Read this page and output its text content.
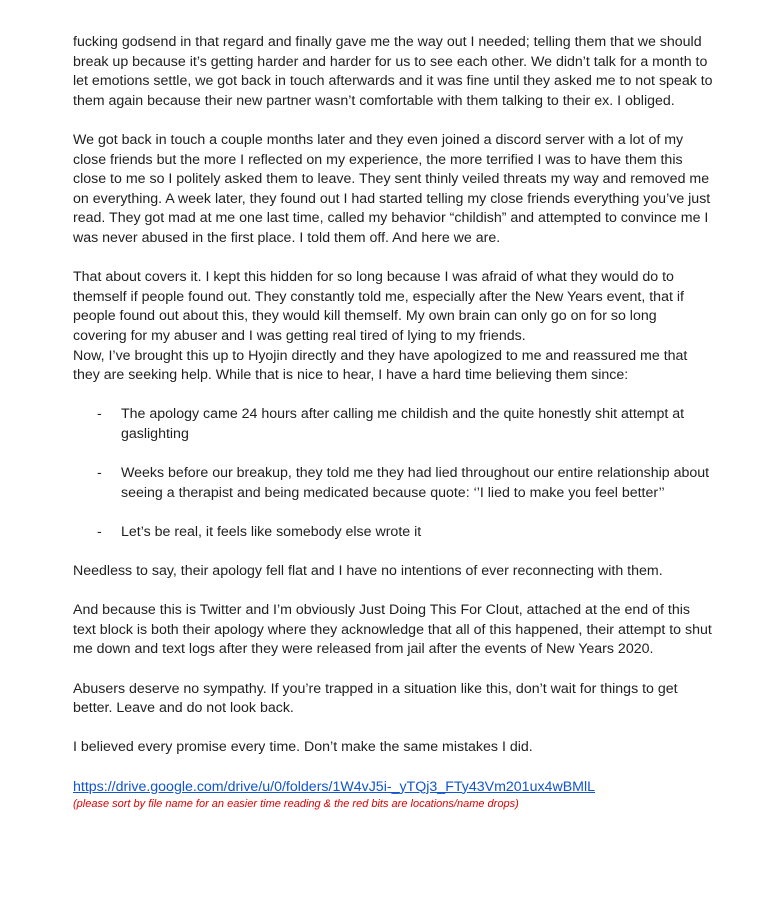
fucking godsend in that regard and finally gave me the way out I needed; telling them that we should break up because it’s getting harder and harder for us to see each other. We didn’t talk for a month to let emotions settle, we got back in touch afterwards and it was fine until they asked me to not speak to them again because their new partner wasn’t comfortable with them talking to their ex. I obliged.

We got back in touch a couple months later and they even joined a discord server with a lot of my close friends but the more I reflected on my experience, the more terrified I was to have them this close to me so I politely asked them to leave. They sent thinly veiled threats my way and removed me on everything. A week later, they found out I had started telling my close friends everything you’ve just read. They got mad at me one last time, called my behavior “childish” and attempted to convince me I was never abused in the first place. I told them off. And here we are.

That about covers it. I kept this hidden for so long because I was afraid of what they would do to themself if people found out. They constantly told me, especially after the New Years event, that if people found out about this, they would kill themself. My own brain can only go on for so long covering for my abuser and I was getting real tired of lying to my friends.

Now, I’ve brought this up to Hyojin directly and they have apologized to me and reassured me that they are seeking help. While that is nice to hear, I have a hard time believing them since:

- The apology came 24 hours after calling me childish and the quite honestly shit attempt at gaslighting
- Weeks before our breakup, they told me they had lied throughout our entire relationship about seeing a therapist and being medicated because quote: ‘’I lied to make you feel better’’
- Let’s be real, it feels like somebody else wrote it

Needless to say, their apology fell flat and I have no intentions of ever reconnecting with them.

And because this is Twitter and I’m obviously Just Doing This For Clout, attached at the end of this text block is both their apology where they acknowledge that all of this happened, their attempt to shut me down and text logs after they were released from jail after the events of New Years 2020.

Abusers deserve no sympathy. If you’re trapped in a situation like this, don’t wait for things to get better. Leave and do not look back.

I believed every promise every time. Don’t make the same mistakes I did.

https://drive.google.com/drive/u/0/folders/1W4vJ5i-_yTQj3_FTy43Vm201ux4wBMlL
(please sort by file name for an easier time reading & the red bits are locations/name drops)
